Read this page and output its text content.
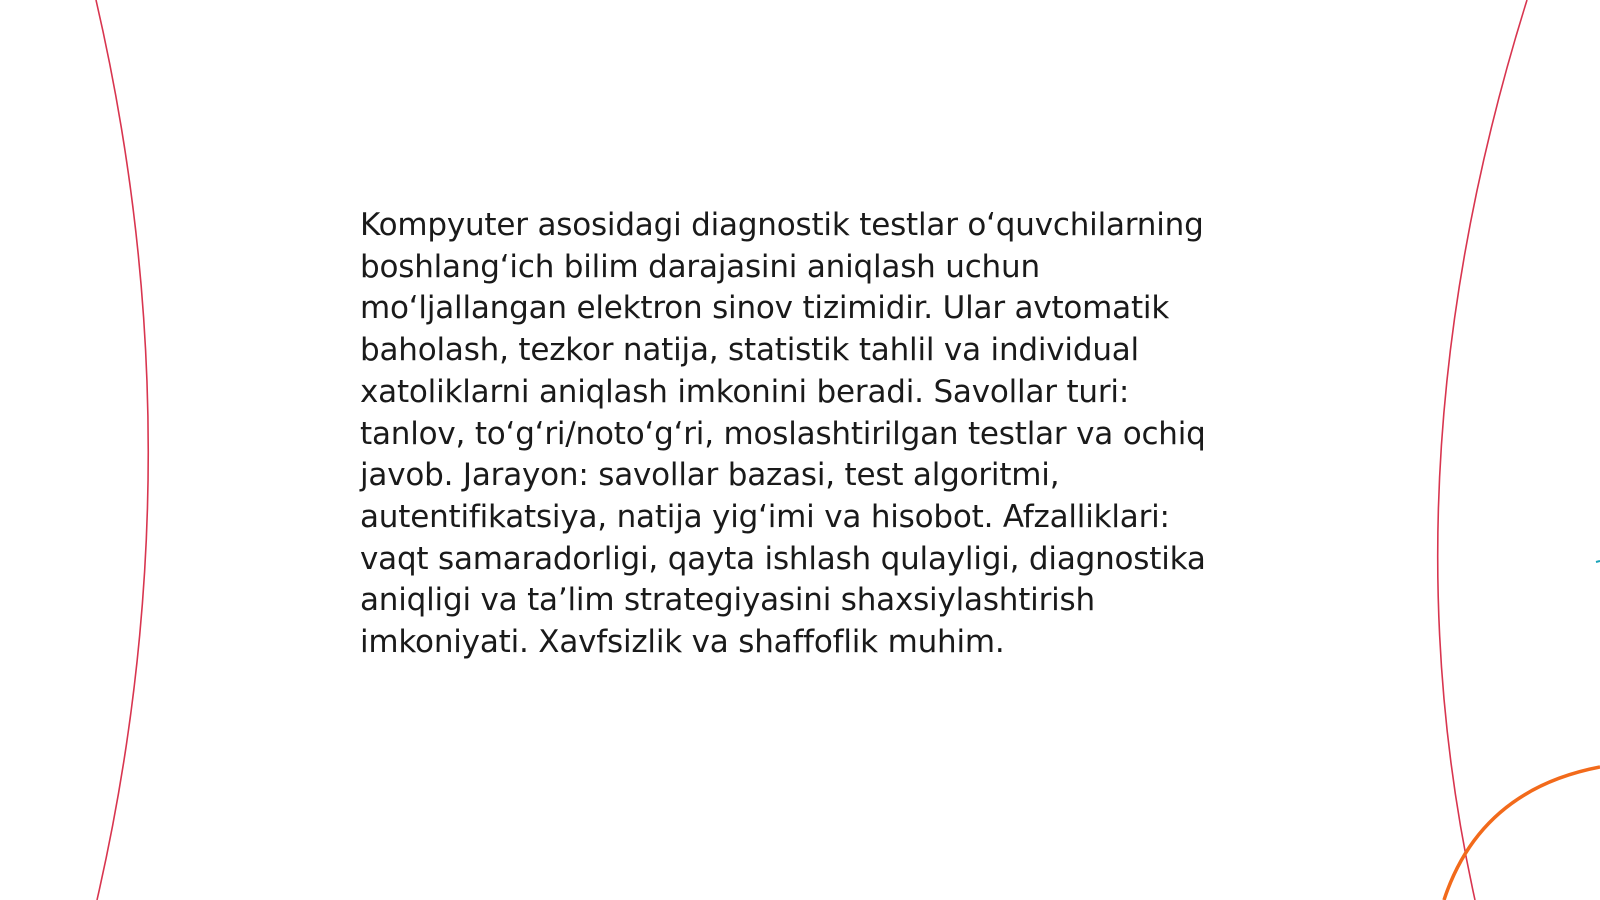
Kompyuter asosidagi diagnostik testlar o‘quvchilarning boshlang‘ich bilim darajasini aniqlash uchun mo‘ljallangan elektron sinov tizimidir. Ular avtomatik baholash, tezkor natija, statistik tahlil va individual xatoliklarni aniqlash imkonini beradi. Savollar turi: tanlov, to‘g‘ri/noto‘g‘ri, moslashtirilgan testlar va ochiq javob. Jarayon: savollar bazasi, test algoritmi, autentifikatsiya, natija yig‘imi va hisobot. Afzalliklari: vaqt samaradorligi, qayta ishlash qulayligi, diagnostika aniqligi va ta’lim strategiyasini shaxsiylashtirish imkoniyati. Xavfsizlik va shaffoflik muhim.
